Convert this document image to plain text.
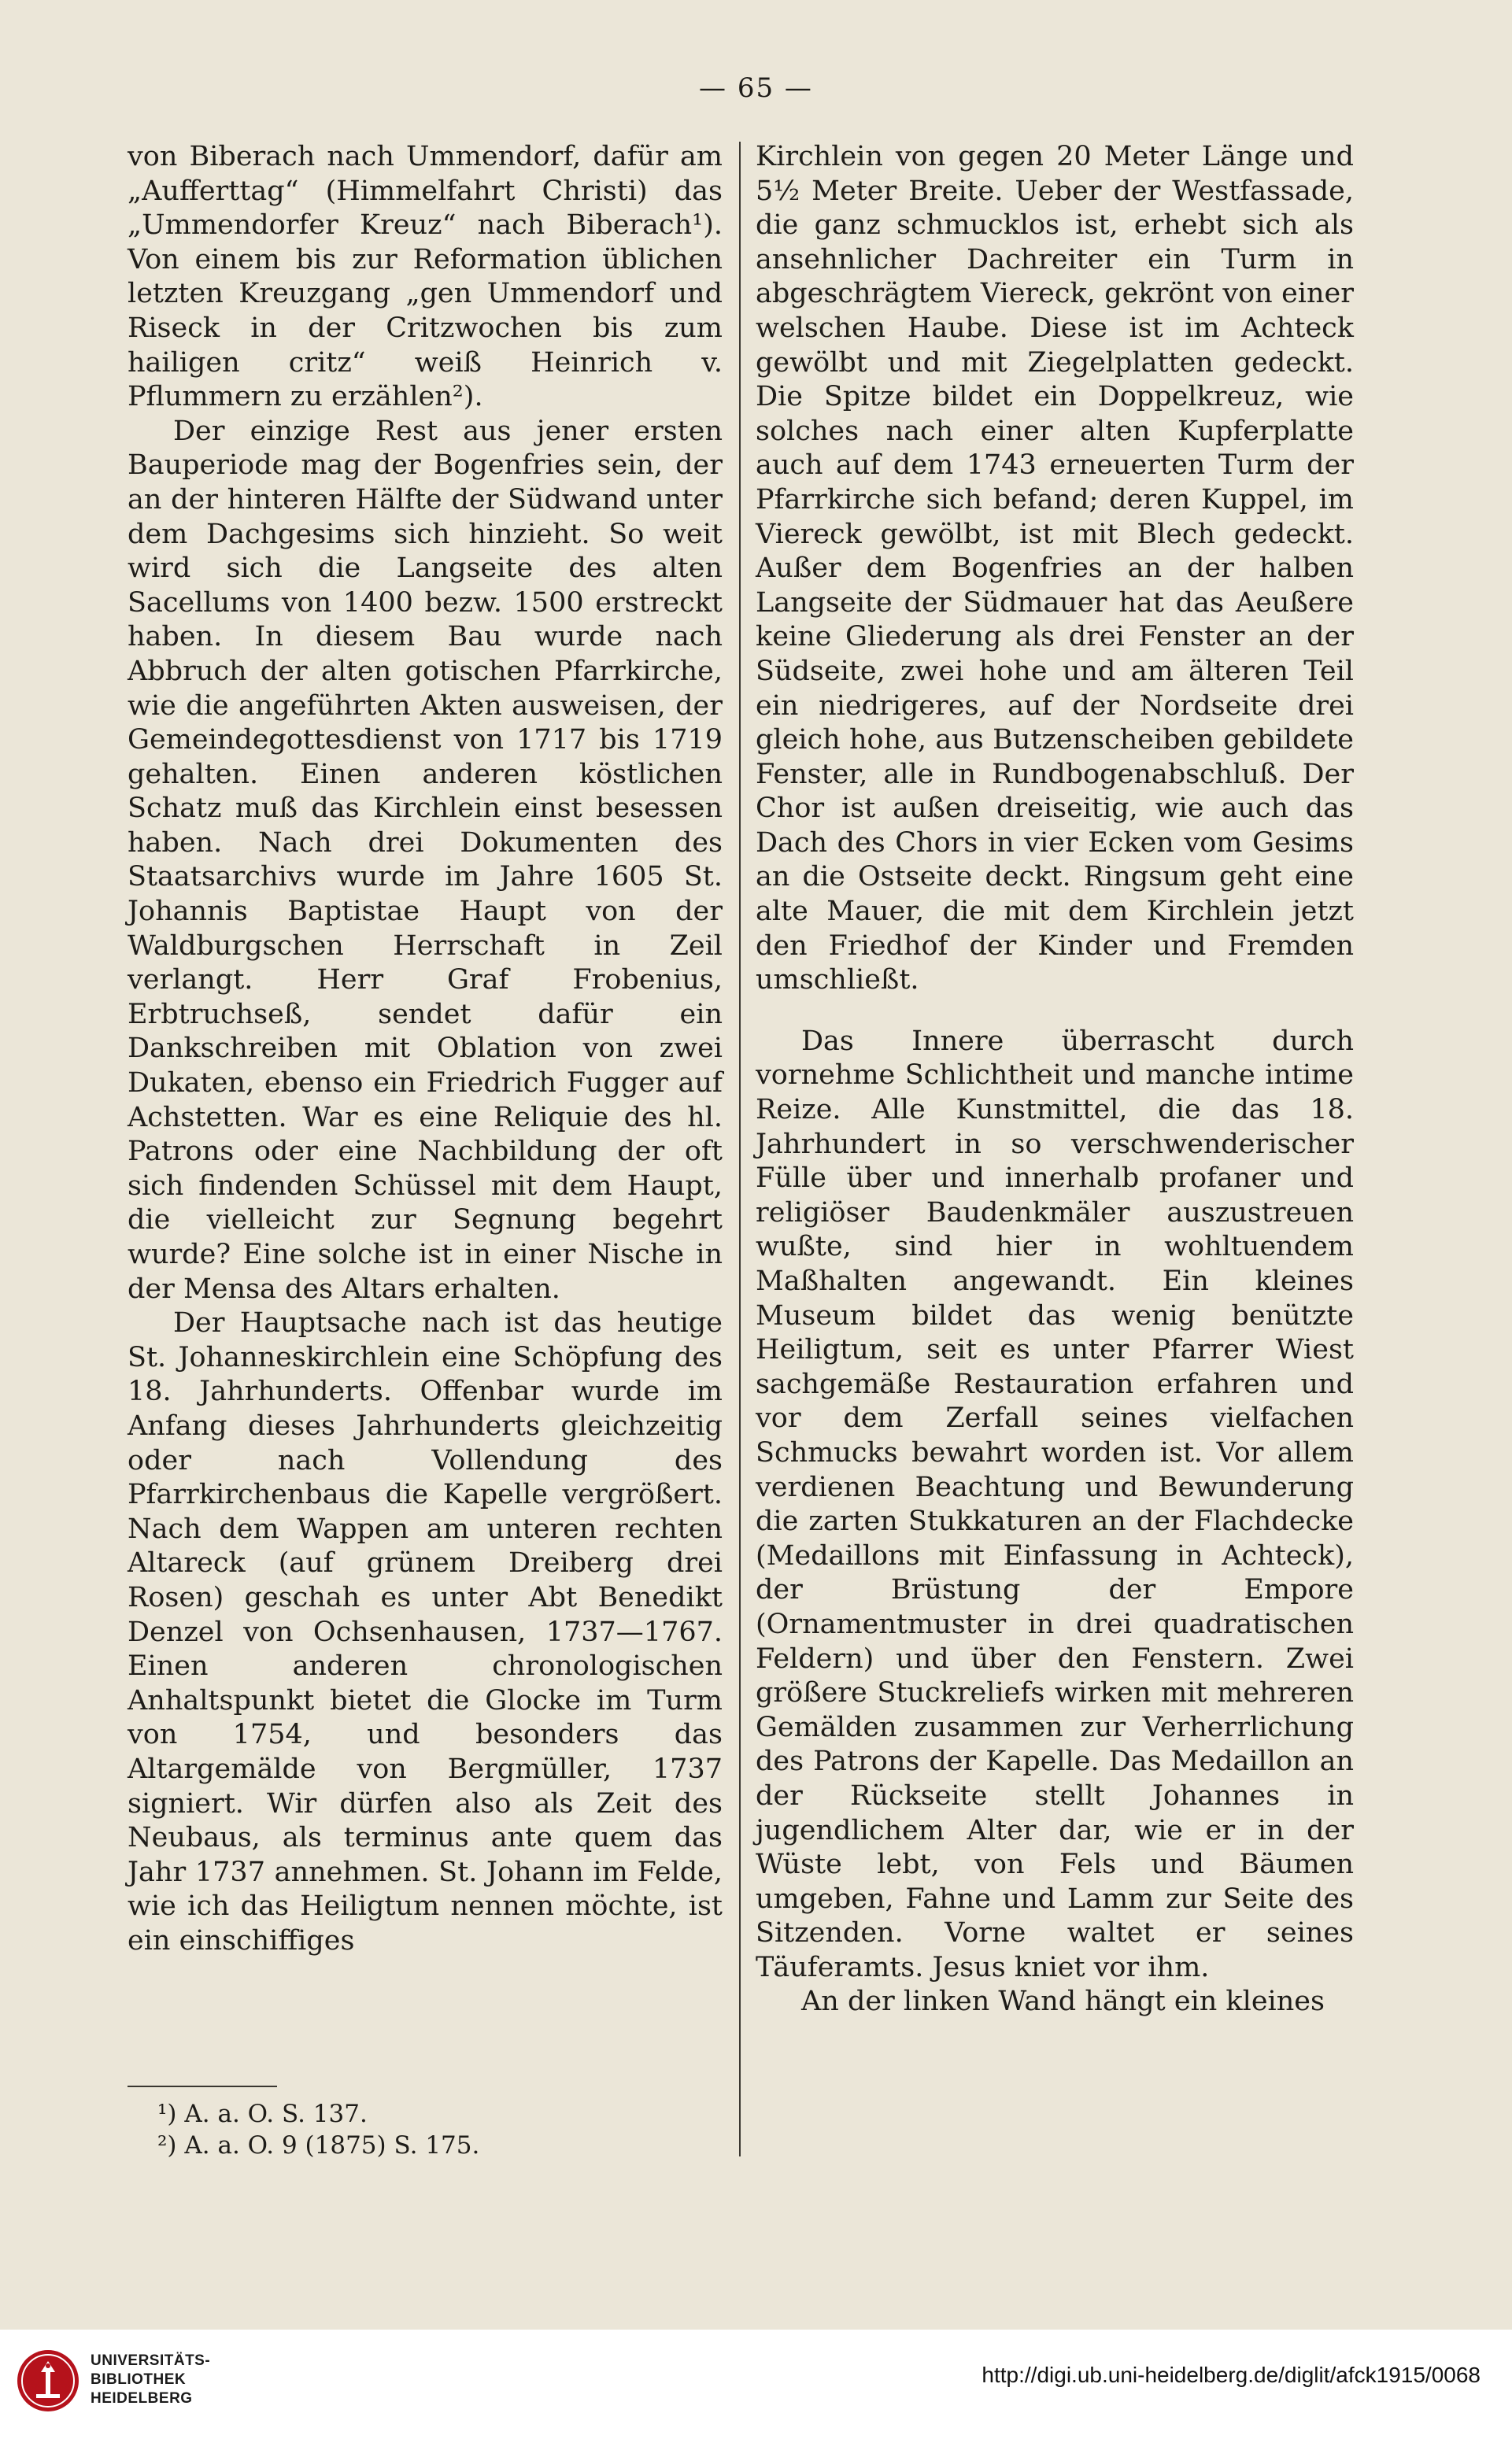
— 65 —

von Biberach nach Ummendorf, dafür am „Aufferttag“ (Himmelfahrt Christi) das „Ummendorfer Kreuz“ nach Biberach¹). Von einem bis zur Reformation üblichen letzten Kreuzgang „gen Ummendorf und Riseck in der Critzwochen bis zum hailigen critz“ weiß Heinrich v. Pflummern zu erzählen²).

Der einzige Rest aus jener ersten Bauperiode mag der Bogenfries sein, der an der hinteren Hälfte der Südwand unter dem Dachgesims sich hinzieht. So weit wird sich die Langseite des alten Sacellums von 1400 bezw. 1500 erstreckt haben. In diesem Bau wurde nach Abbruch der alten gotischen Pfarrkirche, wie die angeführten Akten ausweisen, der Gemeindegottesdienst von 1717 bis 1719 gehalten. Einen anderen köstlichen Schatz muß das Kirchlein einst besessen haben. Nach drei Dokumenten des Staatsarchivs wurde im Jahre 1605 St. Johannis Baptistae Haupt von der Waldburgschen Herrschaft in Zeil verlangt. Herr Graf Frobenius, Erbtruchseß, sendet dafür ein Dankschreiben mit Oblation von zwei Dukaten, ebenso ein Friedrich Fugger auf Achstetten. War es eine Reliquie des hl. Patrons oder eine Nachbildung der oft sich findenden Schüssel mit dem Haupt, die vielleicht zur Segnung begehrt wurde? Eine solche ist in einer Nische in der Mensa des Altars erhalten.

Der Hauptsache nach ist das heutige St. Johanneskirchlein eine Schöpfung des 18. Jahrhunderts. Offenbar wurde im Anfang dieses Jahrhunderts gleichzeitig oder nach Vollendung des Pfarrkirchenbaus die Kapelle vergrößert. Nach dem Wappen am unteren rechten Altareck (auf grünem Dreiberg drei Rosen) geschah es unter Abt Benedikt Denzel von Ochsenhausen, 1737—1767. Einen anderen chronologischen Anhaltspunkt bietet die Glocke im Turm von 1754, und besonders das Altargemälde von Bergmüller, 1737 signiert. Wir dürfen also als Zeit des Neubaus, als terminus ante quem das Jahr 1737 annehmen. St. Johann im Felde, wie ich das Heiligtum nennen möchte, ist ein einschiffiges

Kirchlein von gegen 20 Meter Länge und 5½ Meter Breite. Ueber der Westfassade, die ganz schmucklos ist, erhebt sich als ansehnlicher Dachreiter ein Turm in abgeschrägtem Viereck, gekrönt von einer welschen Haube. Diese ist im Achteck gewölbt und mit Ziegelplatten gedeckt. Die Spitze bildet ein Doppelkreuz, wie solches nach einer alten Kupferplatte auch auf dem 1743 erneuerten Turm der Pfarrkirche sich befand; deren Kuppel, im Viereck gewölbt, ist mit Blech gedeckt. Außer dem Bogenfries an der halben Langseite der Südmauer hat das Aeußere keine Gliederung als drei Fenster an der Südseite, zwei hohe und am älteren Teil ein niedrigeres, auf der Nordseite drei gleich hohe, aus Butzenscheiben gebildete Fenster, alle in Rundbogenabschluß. Der Chor ist außen dreiseitig, wie auch das Dach des Chors in vier Ecken vom Gesims an die Ostseite deckt. Ringsum geht eine alte Mauer, die mit dem Kirchlein jetzt den Friedhof der Kinder und Fremden umschließt.

Das Innere überrascht durch vornehme Schlichtheit und manche intime Reize. Alle Kunstmittel, die das 18. Jahrhundert in so verschwenderischer Fülle über und innerhalb profaner und religiöser Baudenkmäler auszustreuen wußte, sind hier in wohltuendem Maßhalten angewandt. Ein kleines Museum bildet das wenig benützte Heiligtum, seit es unter Pfarrer Wiest sachgemäße Restauration erfahren und vor dem Zerfall seines vielfachen Schmucks bewahrt worden ist. Vor allem verdienen Beachtung und Bewunderung die zarten Stukkaturen an der Flachdecke (Medaillons mit Einfassung in Achteck), der Brüstung der Empore (Ornamentmuster in drei quadratischen Feldern) und über den Fenstern. Zwei größere Stuckreliefs wirken mit mehreren Gemälden zusammen zur Verherrlichung des Patrons der Kapelle. Das Medaillon an der Rückseite stellt Johannes in jugendlichem Alter dar, wie er in der Wüste lebt, von Fels und Bäumen umgeben, Fahne und Lamm zur Seite des Sitzenden. Vorne waltet er seines Täuferamts. Jesus kniet vor ihm.

An der linken Wand hängt ein kleines

¹) A. a. O. S. 137.
²) A. a. O. 9 (1875) S. 175.
UNIVERSITÄTS-
BIBLIOTHEK
HEIDELBERG
http://digi.ub.uni-heidelberg.de/diglit/afck1915/0068
